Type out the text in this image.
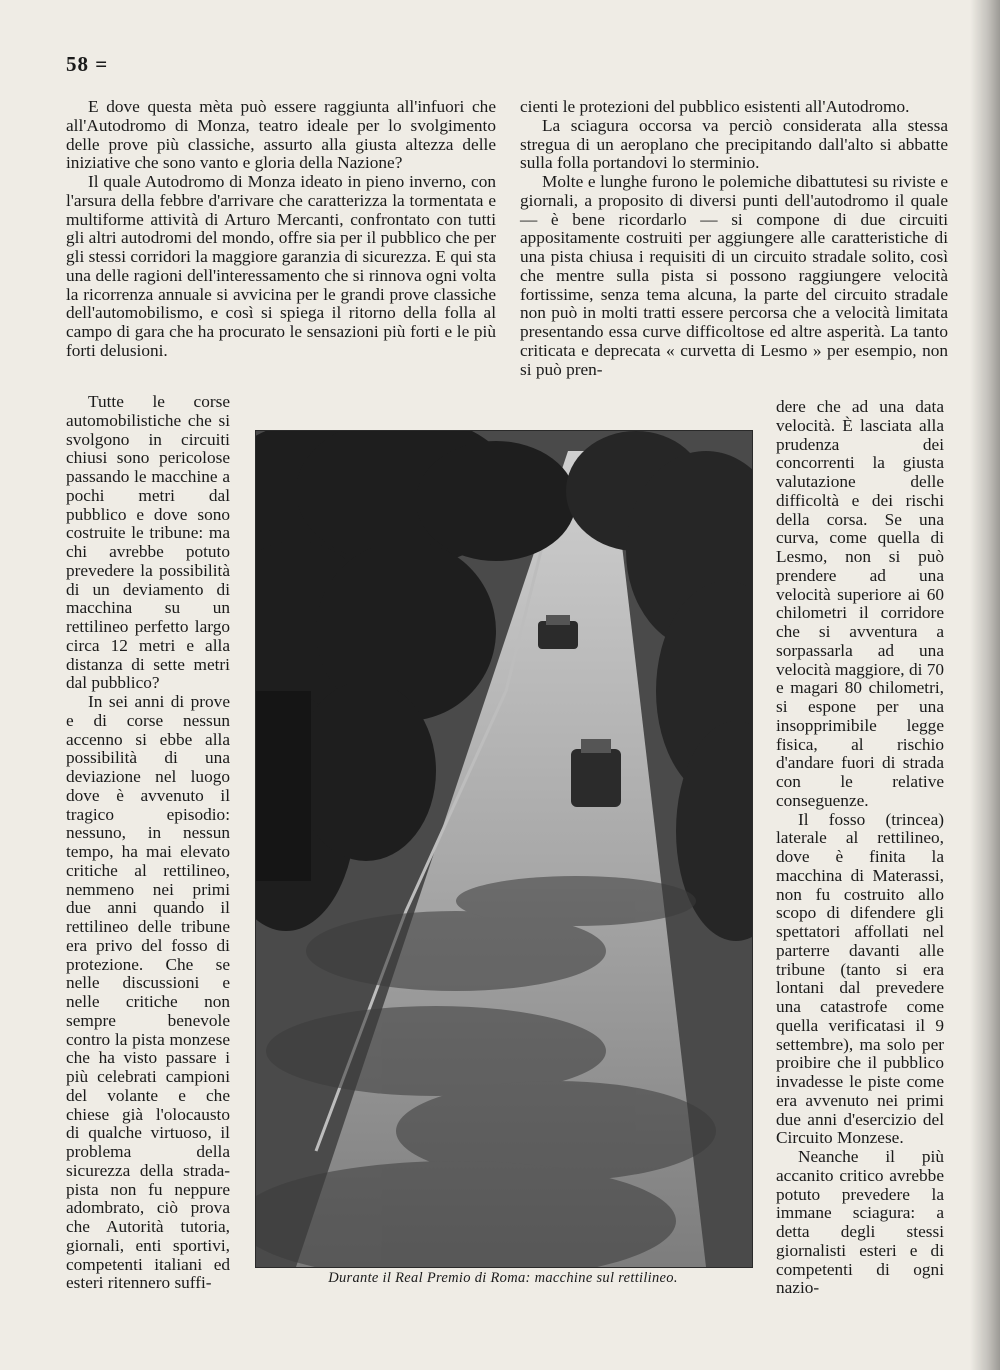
58 =

E dove questa mèta può essere raggiunta all'infuori che all'Autodromo di Monza, teatro ideale per lo svolgimento delle prove più classiche, assurto alla giusta altezza delle iniziative che sono vanto e gloria della Nazione?

Il quale Autodromo di Monza ideato in pieno inverno, con l'arsura della febbre d'arrivare che caratterizza la tormentata e multiforme attività di Arturo Mercanti, confrontato con tutti gli altri autodromi del mondo, offre sia per il pubblico che per gli stessi corridori la maggiore garanzia di sicurezza. E qui sta una delle ragioni dell'interessamento che si rinnova ogni volta la ricorrenza annuale si avvicina per le grandi prove classiche dell'automobilismo, e così si spiega il ritorno della folla al campo di gara che ha procurato le sensazioni più forti e le più forti delusioni.

Tutte le corse automobilistiche che si svolgono in circuiti chiusi sono pericolose passando le macchine a pochi metri dal pubblico e dove sono costruite le tribune: ma chi avrebbe potuto prevedere la possibilità di un deviamento di macchina su un rettilineo perfetto largo circa 12 metri e alla distanza di sette metri dal pubblico?

In sei anni di prove e di corse nessun accenno si ebbe alla possibilità di una deviazione nel luogo dove è avvenuto il tragico episodio: nessuno, in nessun tempo, ha mai elevato critiche al rettilineo, nemmeno nei primi due anni quando il rettilineo delle tribune era privo del fosso di protezione. Che se nelle discussioni e nelle critiche non sempre benevole contro la pista monzese che ha visto passare i più celebrati campioni del volante e che chiese già l'olocausto di qualche virtuoso, il problema della sicurezza della strada-pista non fu neppure adombrato, ciò prova che Autorità tutoria, giornali, enti sportivi, competenti italiani ed esteri ritennero suffi-

cienti le protezioni del pubblico esistenti all'Autodromo.

La sciagura occorsa va perciò considerata alla stessa stregua di un aeroplano che precipitando dall'alto si abbatte sulla folla portandovi lo sterminio.

Molte e lunghe furono le polemiche dibattutesi su riviste e giornali, a proposito di diversi punti dell'autodromo il quale — è bene ricordarlo — si compone di due circuiti appositamente costruiti per aggiungere alle caratteristiche di una pista chiusa i requisiti di un circuito stradale solito, così che mentre sulla pista si possono raggiungere velocità fortissime, senza tema alcuna, la parte del circuito stradale non può in molti tratti essere percorsa che a velocità limitata presentando essa curve difficoltose ed altre asperità. La tanto criticata e deprecata « curvetta di Lesmo » per esempio, non si può pren-

dere che ad una data velocità. È lasciata alla prudenza dei concorrenti la giusta valutazione delle difficoltà e dei rischi della corsa. Se una curva, come quella di Lesmo, non si può prendere ad una velocità superiore ai 60 chilometri il corridore che si avventura a sorpassarla ad una velocità maggiore, di 70 e magari 80 chilometri, si espone per una insopprimibile legge fisica, al rischio d'andare fuori di strada con le relative conseguenze.

Il fosso (trincea) laterale al rettilineo, dove è finita la macchina di Materassi, non fu costruito allo scopo di difendere gli spettatori affollati nel parterre davanti alle tribune (tanto si era lontani dal prevedere una catastrofe come quella verificatasi il 9 settembre), ma solo per proibire che il pubblico invadesse le piste come era avvenuto nei primi due anni d'esercizio del Circuito Monzese.

Neanche il più accanito critico avrebbe potuto prevedere la immane sciagura: a detta degli stessi giornalisti esteri e di competenti di ogni nazio-

Durante il Real Premio di Roma: macchine sul rettilineo.
